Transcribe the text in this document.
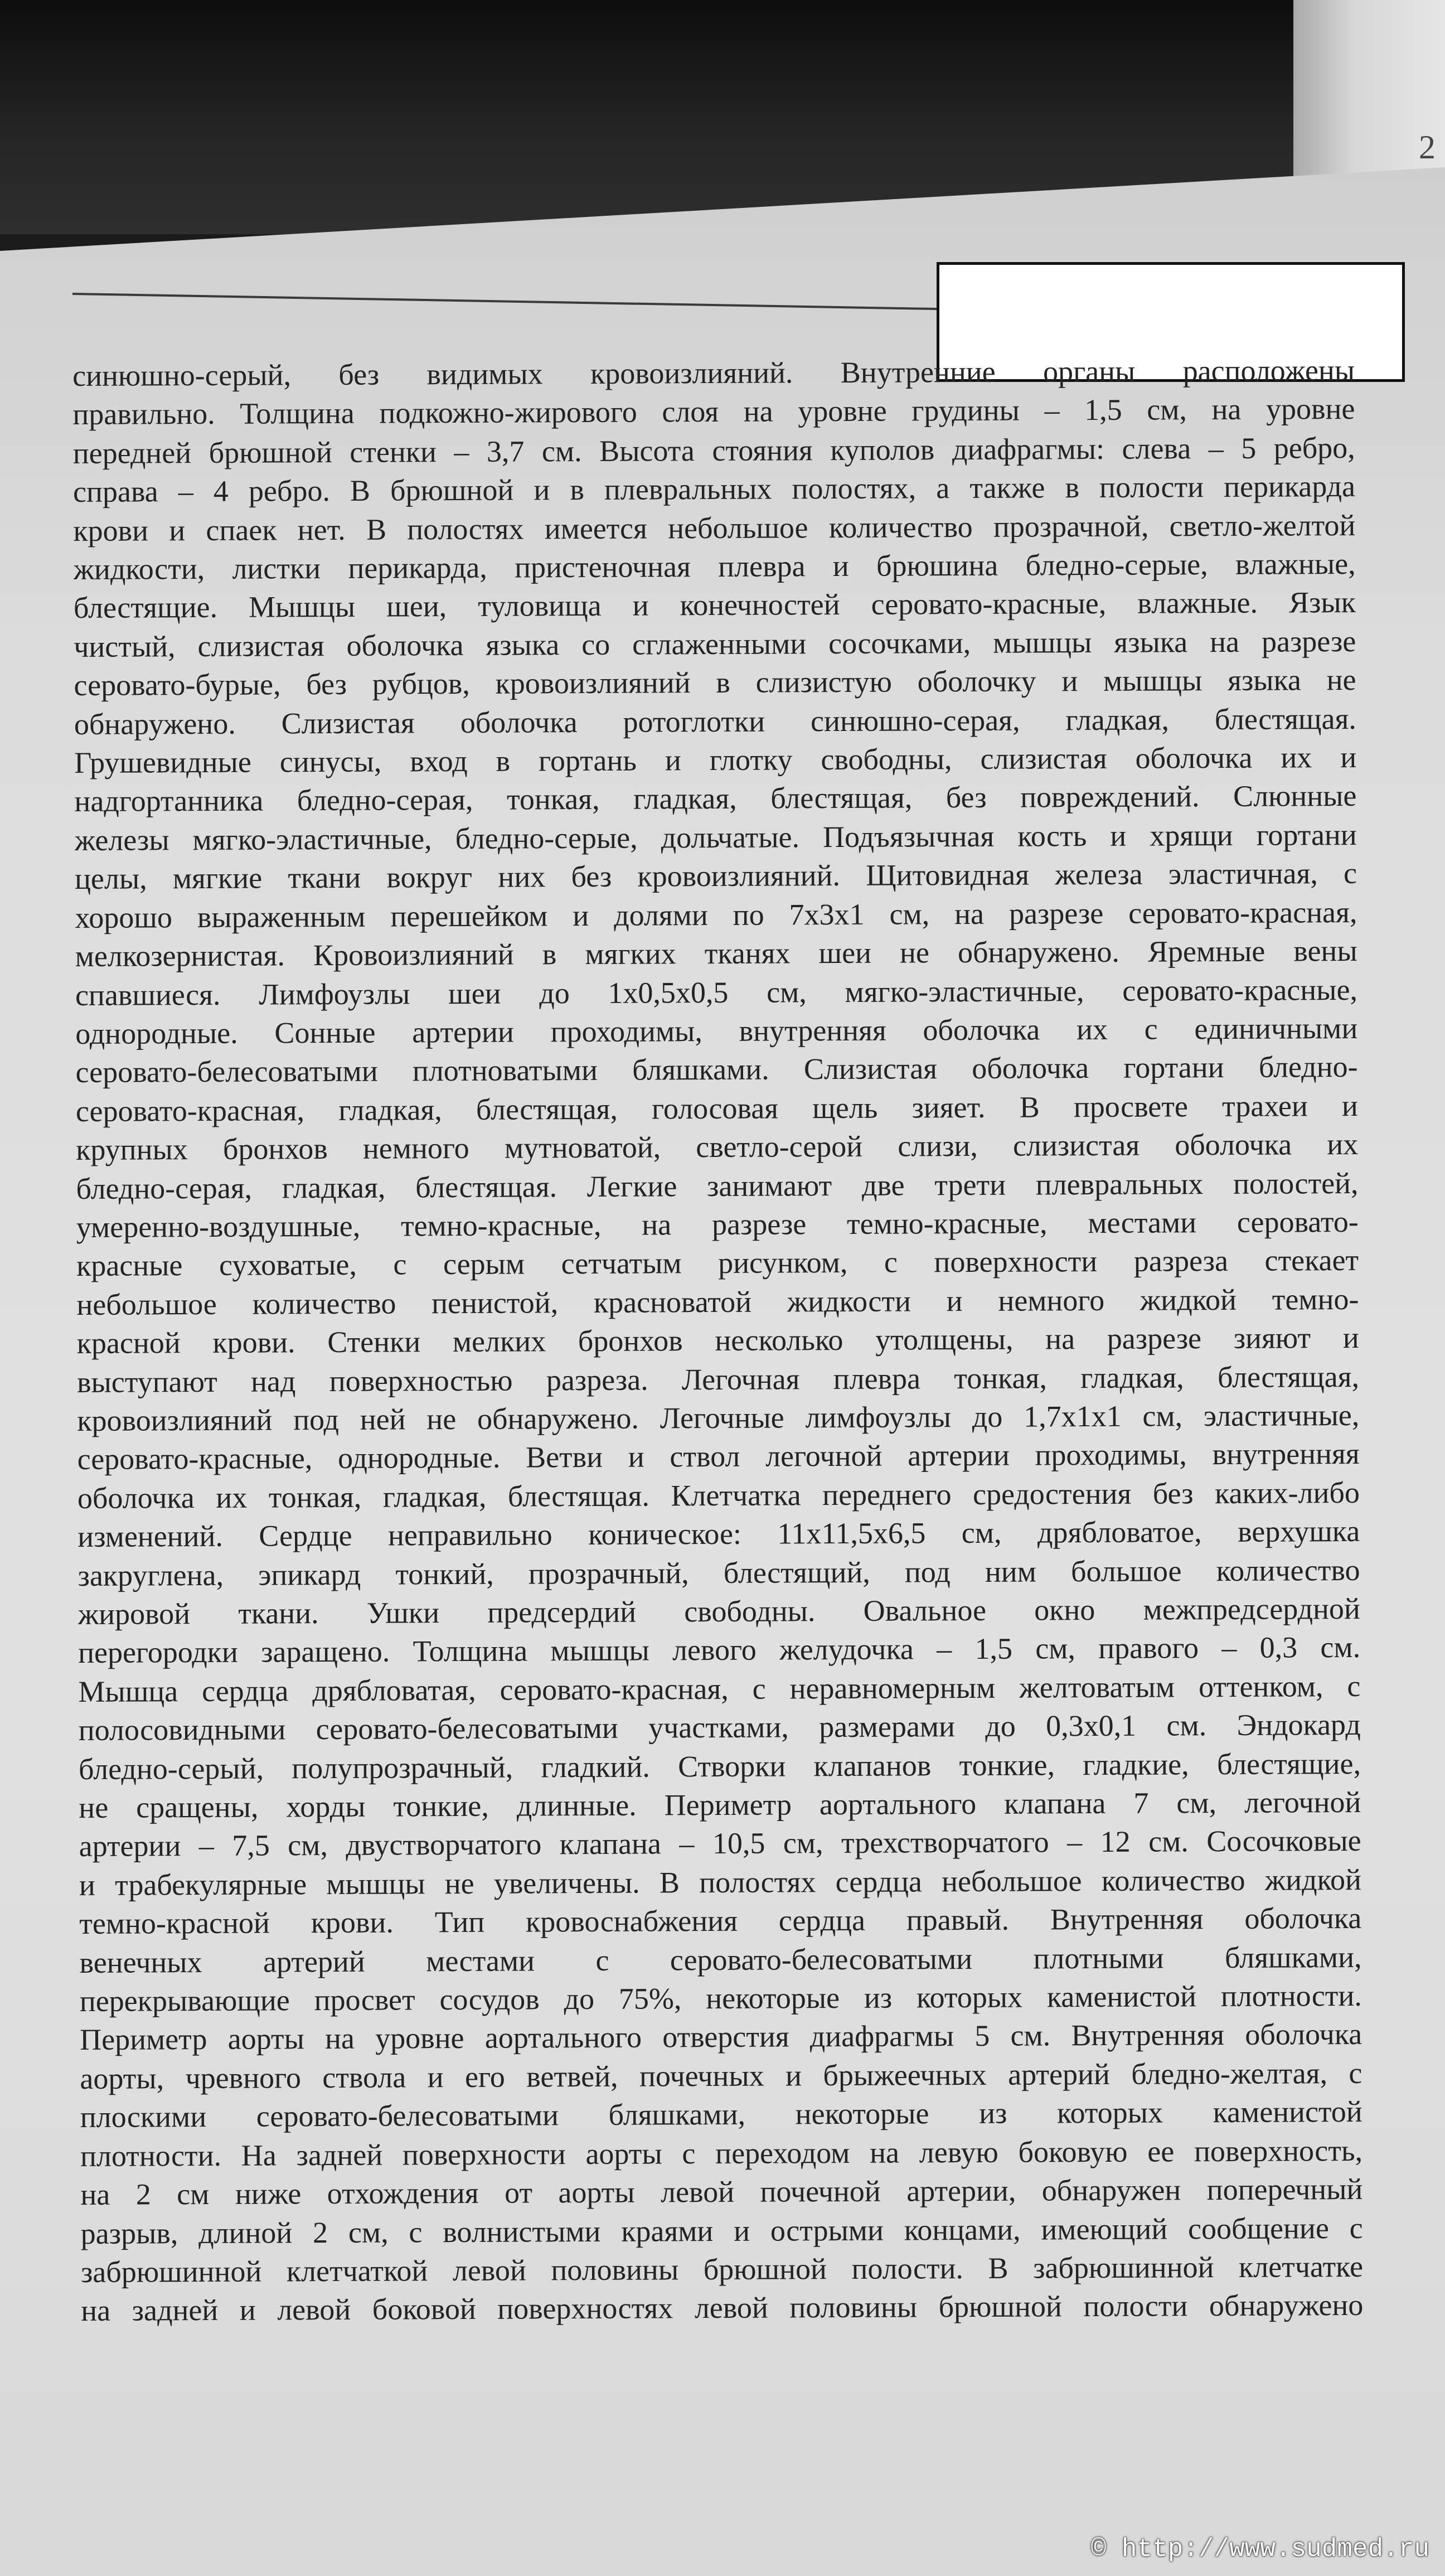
2
синюшно-серый, без видимых кровоизлияний. Внутренние органы расположены
правильно. Толщина подкожно-жирового слоя на уровне грудины – 1,5 см, на уровне
передней брюшной стенки – 3,7 см. Высота стояния куполов диафрагмы: слева – 5 ребро,
справа – 4 ребро. В брюшной и в плевральных полостях, а также в полости перикарда
крови и спаек нет. В полостях имеется небольшое количество прозрачной, светло-желтой
жидкости, листки перикарда, пристеночная плевра и брюшина бледно-серые, влажные,
блестящие. Мышцы шеи, туловища и конечностей серовато-красные, влажные. Язык
чистый, слизистая оболочка языка со сглаженными сосочками, мышцы языка на разрезе
серовато-бурые, без рубцов, кровоизлияний в слизистую оболочку и мышцы языка не
обнаружено. Слизистая оболочка ротоглотки синюшно-серая, гладкая, блестящая.
Грушевидные синусы, вход в гортань и глотку свободны, слизистая оболочка их и
надгортанника бледно-серая, тонкая, гладкая, блестящая, без повреждений. Слюнные
железы мягко-эластичные, бледно-серые, дольчатые. Подъязычная кость и хрящи гортани
целы, мягкие ткани вокруг них без кровоизлияний. Щитовидная железа эластичная, с
хорошо выраженным перешейком и долями по 7х3х1 см, на разрезе серовато-красная,
мелкозернистая. Кровоизлияний в мягких тканях шеи не обнаружено. Яремные вены
спавшиеся. Лимфоузлы шеи до 1х0,5х0,5 см, мягко-эластичные, серовато-красные,
однородные. Сонные артерии проходимы, внутренняя оболочка их с единичными
серовато-белесоватыми плотноватыми бляшками. Слизистая оболочка гортани бледно-
серовато-красная, гладкая, блестящая, голосовая щель зияет. В просвете трахеи и
крупных бронхов немного мутноватой, светло-серой слизи, слизистая оболочка их
бледно-серая, гладкая, блестящая. Легкие занимают две трети плевральных полостей,
умеренно-воздушные, темно-красные, на разрезе темно-красные, местами серовато-
красные суховатые, с серым сетчатым рисунком, с поверхности разреза стекает
небольшое количество пенистой, красноватой жидкости и немного жидкой темно-
красной крови. Стенки мелких бронхов несколько утолщены, на разрезе зияют и
выступают над поверхностью разреза. Легочная плевра тонкая, гладкая, блестящая,
кровоизлияний под ней не обнаружено. Легочные лимфоузлы до 1,7х1х1 см, эластичные,
серовато-красные, однородные. Ветви и ствол легочной артерии проходимы, внутренняя
оболочка их тонкая, гладкая, блестящая. Клетчатка переднего средостения без каких-либо
изменений. Сердце неправильно коническое: 11х11,5х6,5 см, дрябловатое, верхушка
закруглена, эпикард тонкий, прозрачный, блестящий, под ним большое количество
жировой ткани. Ушки предсердий свободны. Овальное окно межпредсердной
перегородки заращено. Толщина мышцы левого желудочка – 1,5 см, правого – 0,3 см.
Мышца сердца дрябловатая, серовато-красная, с неравномерным желтоватым оттенком, с
полосовидными серовато-белесоватыми участками, размерами до 0,3х0,1 см. Эндокард
бледно-серый, полупрозрачный, гладкий. Створки клапанов тонкие, гладкие, блестящие,
не сращены, хорды тонкие, длинные. Периметр аортального клапана 7 см, легочной
артерии – 7,5 см, двустворчатого клапана – 10,5 см, трехстворчатого – 12 см. Сосочковые
и трабекулярные мышцы не увеличены. В полостях сердца небольшое количество жидкой
темно-красной крови. Тип кровоснабжения сердца правый. Внутренняя оболочка
венечных артерий местами с серовато-белесоватыми плотными бляшками,
перекрывающие просвет сосудов до 75%, некоторые из которых каменистой плотности.
Периметр аорты на уровне аортального отверстия диафрагмы 5 см. Внутренняя оболочка
аорты, чревного ствола и его ветвей, почечных и брыжеечных артерий бледно-желтая, с
плоскими серовато-белесоватыми бляшками, некоторые из которых каменистой
плотности. На задней поверхности аорты с переходом на левую боковую ее поверхность,
на 2 см ниже отхождения от аорты левой почечной артерии, обнаружен поперечный
разрыв, длиной 2 см, с волнистыми краями и острыми концами, имеющий сообщение с
забрюшинной клетчаткой левой половины брюшной полости. В забрюшинной клетчатке
на задней и левой боковой поверхностях левой половины брюшной полости обнаружено
© http://www.sudmed.ru
